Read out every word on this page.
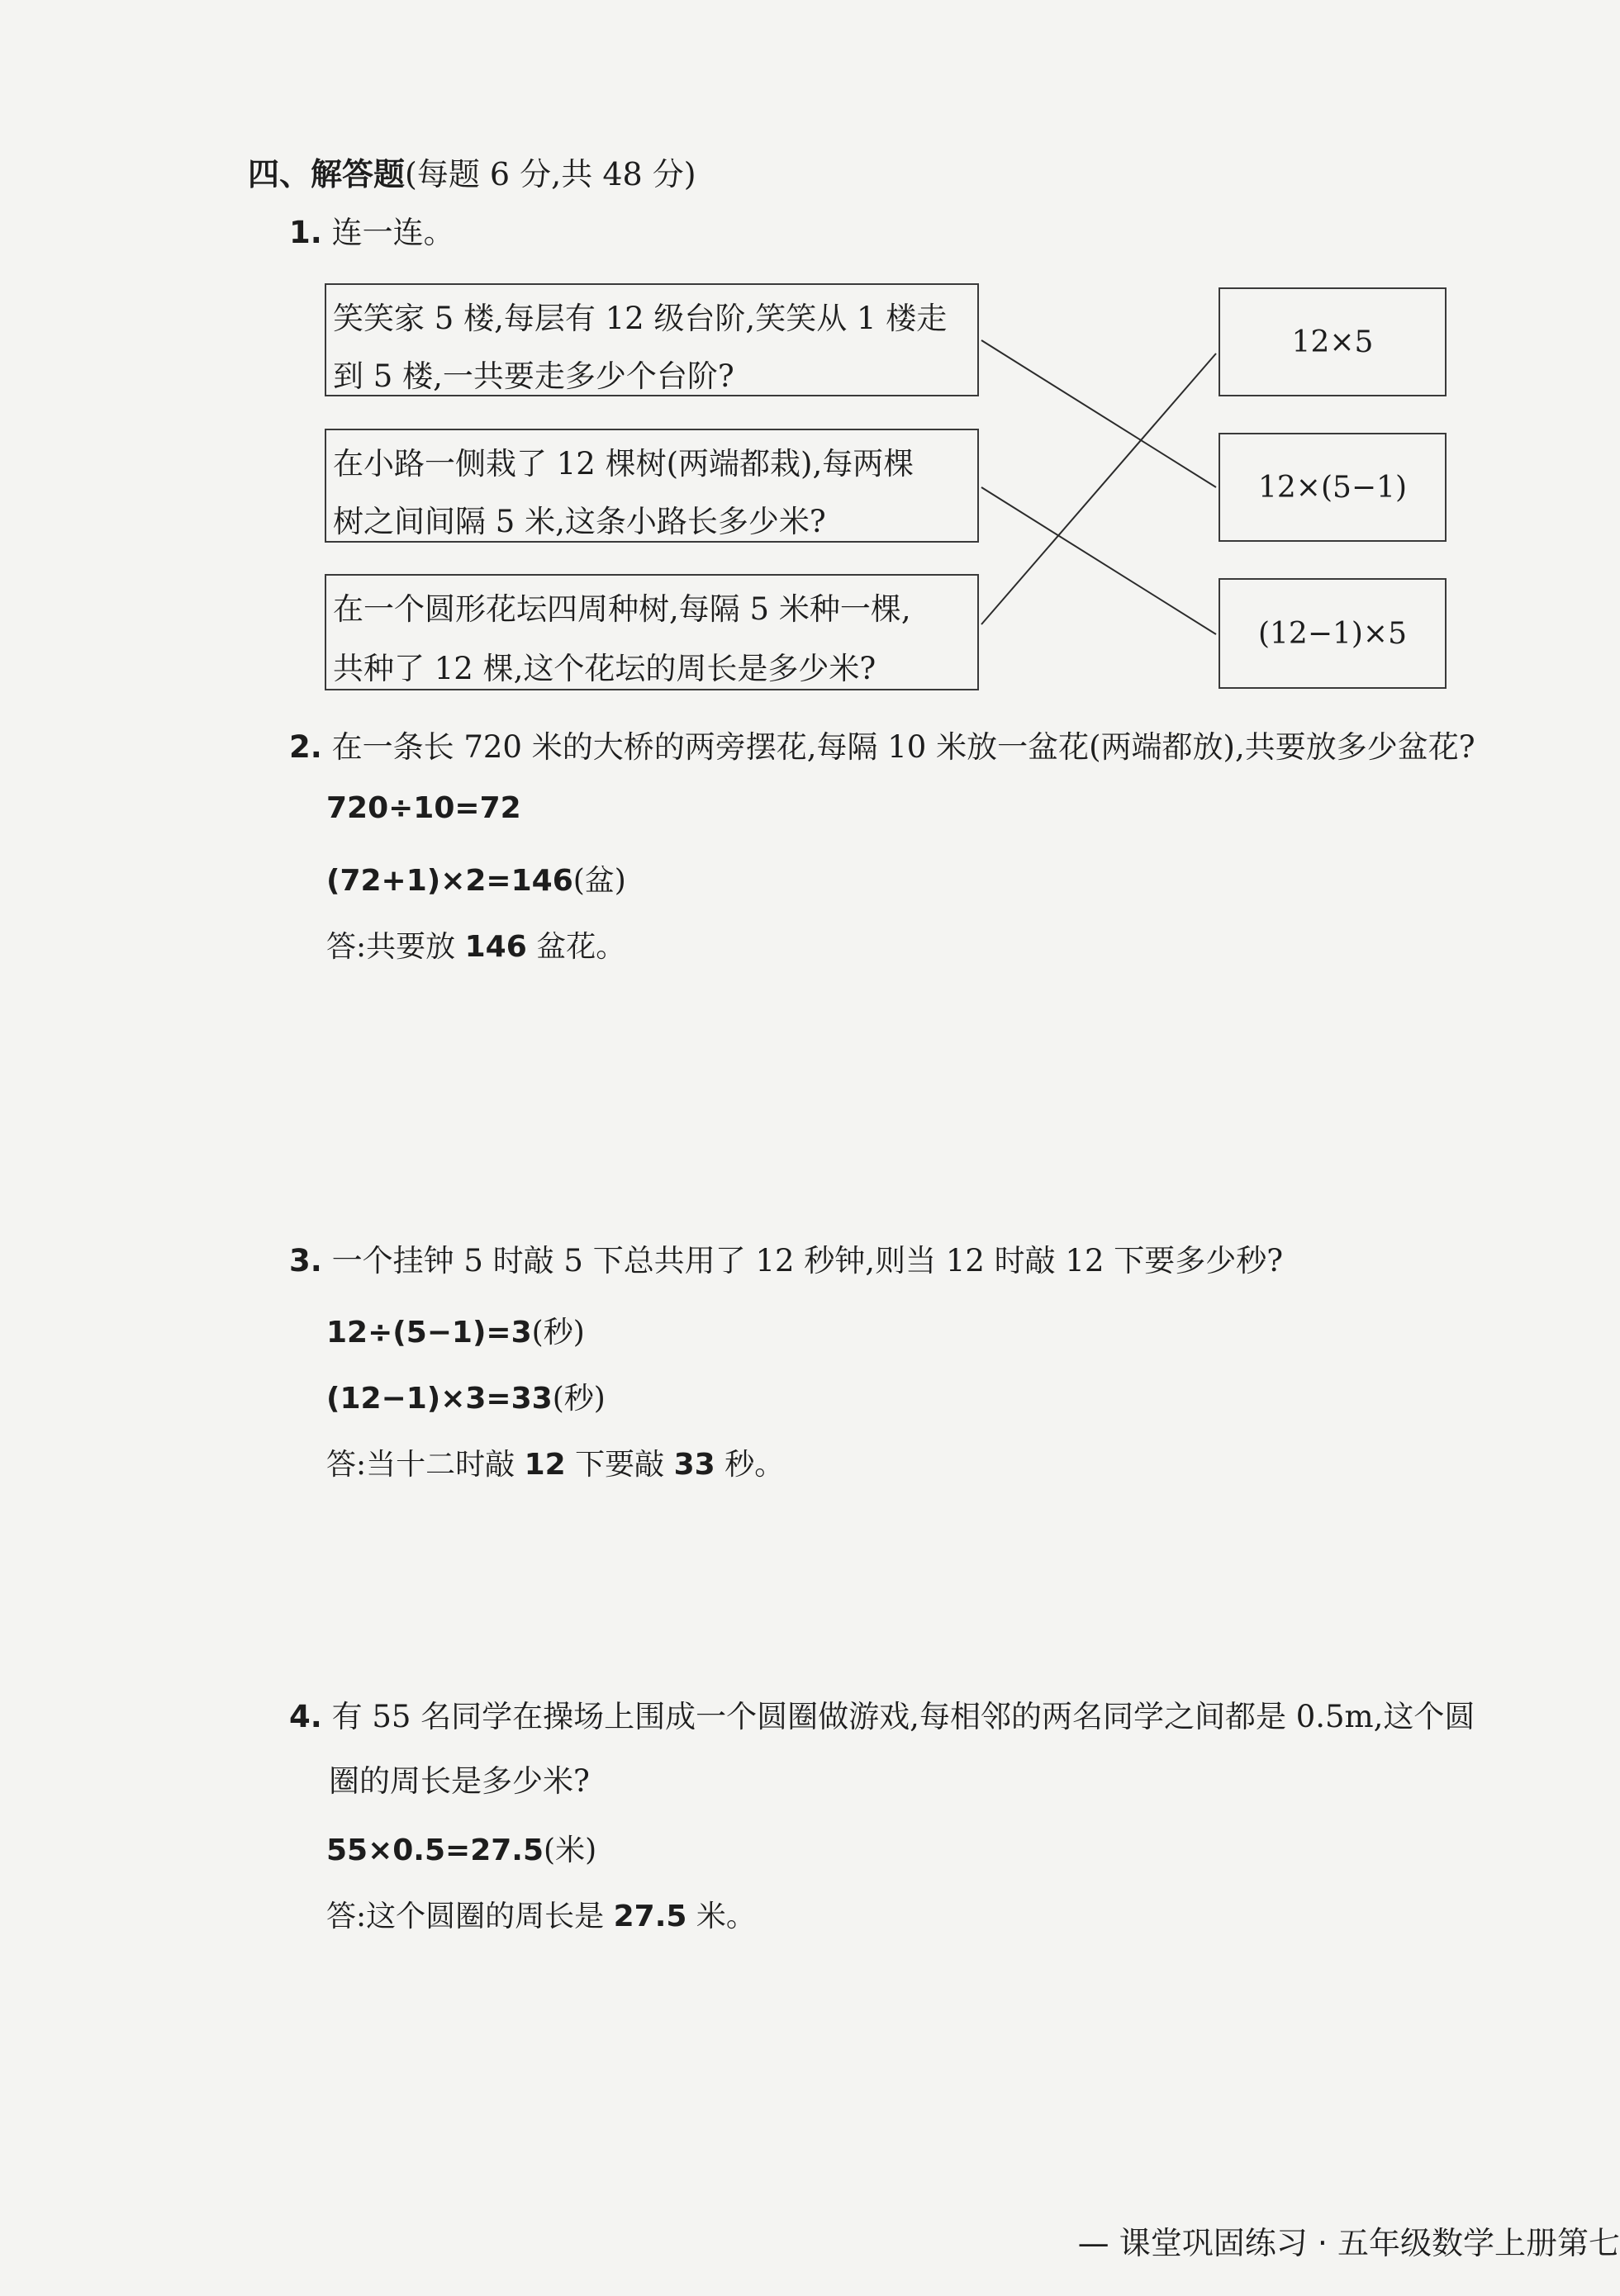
四、解答题(每题 6 分,共 48 分)
1. 连一连。
笑笑家 5 楼,每层有 12 级台阶,笑笑从 1 楼走
到 5 楼,一共要走多少个台阶?
在小路一侧栽了 12 棵树(两端都栽),每两棵
树之间间隔 5 米,这条小路长多少米?
在一个圆形花坛四周种树,每隔 5 米种一棵,
共种了 12 棵,这个花坛的周长是多少米?
12×5
12×(5−1)
(12−1)×5
2. 在一条长 720 米的大桥的两旁摆花,每隔 10 米放一盆花(两端都放),共要放多少盆花?
720÷10=72
(72+1)×2=146(盆)
答:共要放 146 盆花。
3. 一个挂钟 5 时敲 5 下总共用了 12 秒钟,则当 12 时敲 12 下要多少秒?
12÷(5−1)=3(秒)
(12−1)×3=33(秒)
答:当十二时敲 12 下要敲 33 秒。
4. 有 55 名同学在操场上围成一个圆圈做游戏,每相邻的两名同学之间都是 0.5m,这个圆
圈的周长是多少米?
55×0.5=27.5(米)
答:这个圆圈的周长是 27.5 米。
— 课堂巩固练习 · 五年级数学上册第七
